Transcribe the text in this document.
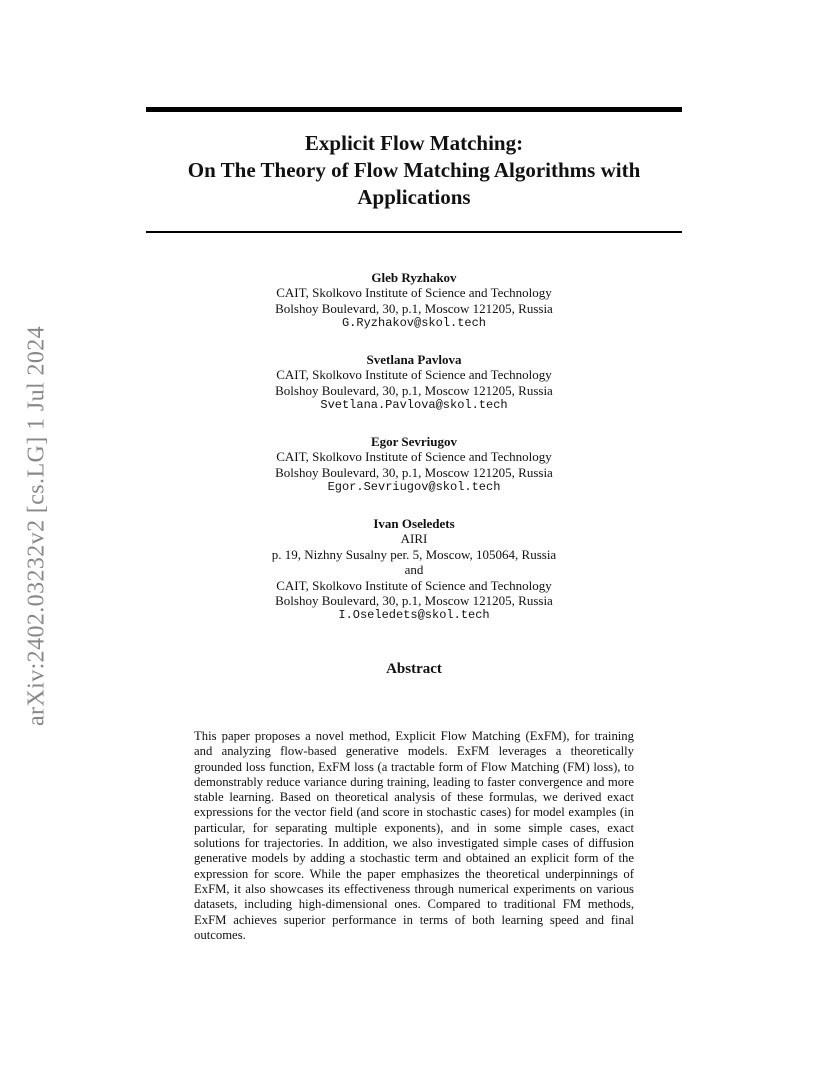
arXiv:2402.03232v2 [cs.LG] 1 Jul 2024
Explicit Flow Matching:
On The Theory of Flow Matching Algorithms with
Applications
Gleb Ryzhakov
CAIT, Skolkovo Institute of Science and Technology
Bolshoy Boulevard, 30, p.1, Moscow 121205, Russia
G.Ryzhakov@skol.tech
Svetlana Pavlova
CAIT, Skolkovo Institute of Science and Technology
Bolshoy Boulevard, 30, p.1, Moscow 121205, Russia
Svetlana.Pavlova@skol.tech
Egor Sevriugov
CAIT, Skolkovo Institute of Science and Technology
Bolshoy Boulevard, 30, p.1, Moscow 121205, Russia
Egor.Sevriugov@skol.tech
Ivan Oseledets
AIRI
p. 19, Nizhny Susalny per. 5, Moscow, 105064, Russia
and
CAIT, Skolkovo Institute of Science and Technology
Bolshoy Boulevard, 30, p.1, Moscow 121205, Russia
I.Oseledets@skol.tech
Abstract
This paper proposes a novel method, Explicit Flow Matching (ExFM), for training and analyzing flow-based generative models. ExFM leverages a theoretically grounded loss function, ExFM loss (a tractable form of Flow Matching (FM) loss), to demonstrably reduce variance during training, leading to faster convergence and more stable learning. Based on theoretical analysis of these formulas, we derived exact expressions for the vector field (and score in stochastic cases) for model examples (in particular, for separating multiple exponents), and in some simple cases, exact solutions for trajectories. In addition, we also investigated simple cases of diffusion generative models by adding a stochastic term and obtained an explicit form of the expression for score. While the paper emphasizes the theoretical underpinnings of ExFM, it also showcases its effectiveness through numerical experiments on various datasets, including high-dimensional ones. Compared to traditional FM methods, ExFM achieves superior performance in terms of both learning speed and final outcomes.
